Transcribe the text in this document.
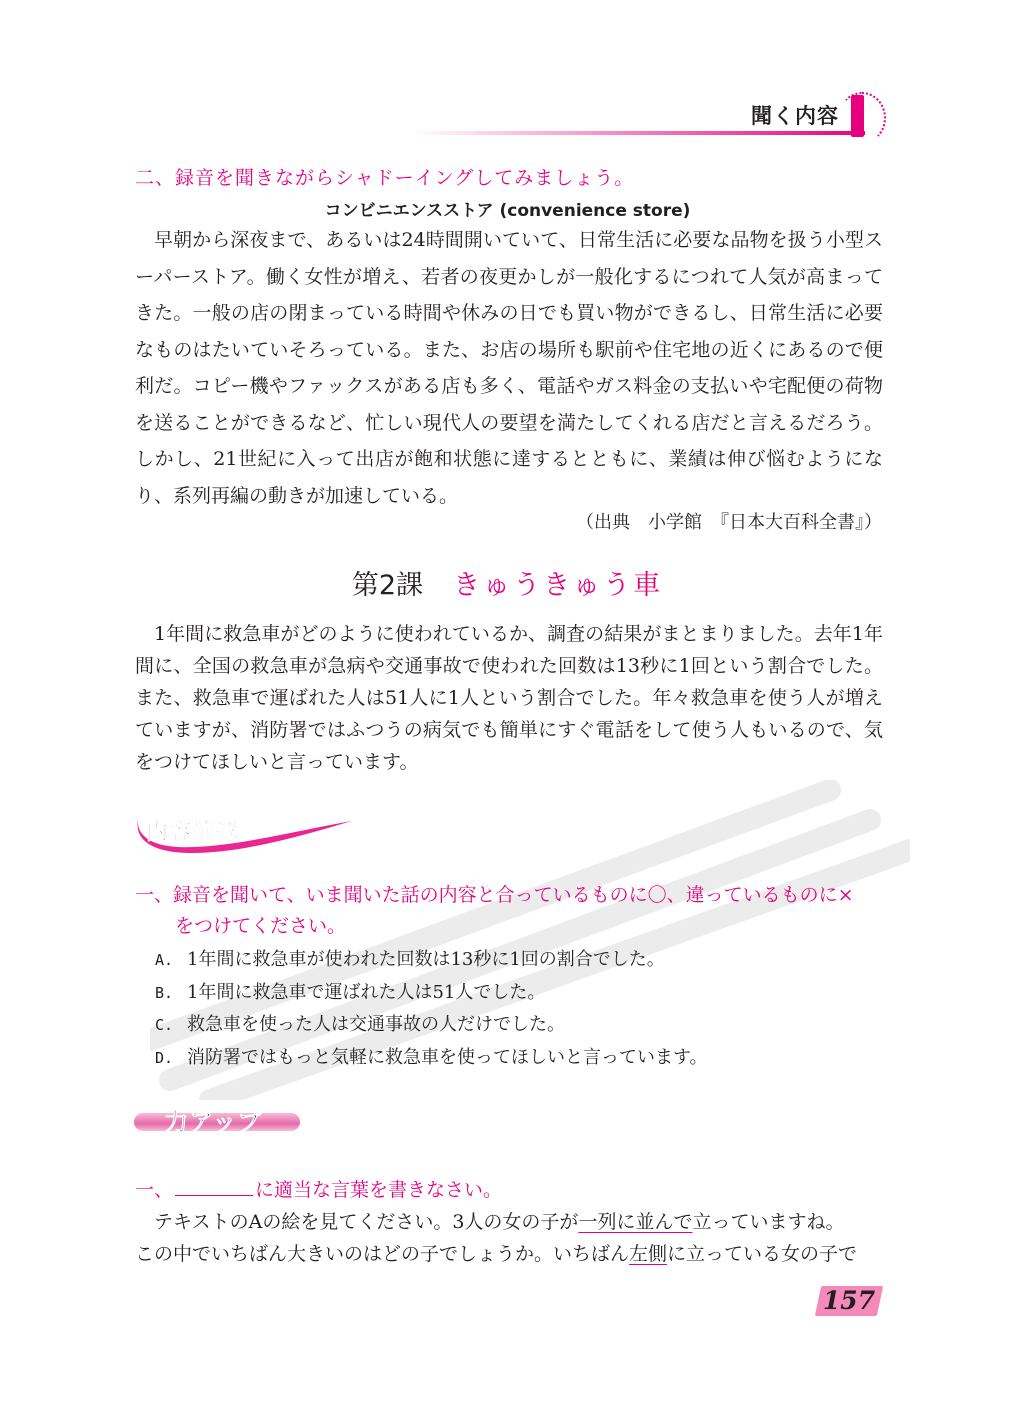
聞く内容
二、録音を聞きながらシャドーイングしてみましょう。
コンビニエンスストア (convenience store)

早朝から深夜まで、あるいは24時間開いていて、日常生活に必要な品物を扱う小型スーパーストア。働く女性が増え、若者の夜更かしが一般化するにつれて人気が高まってきた。一般の店の閉まっている時間や休みの日でも買い物ができるし、日常生活に必要なものはたいていそろっている。また、お店の場所も駅前や住宅地の近くにあるので便利だ。コピー機やファックスがある店も多く、電話やガス料金の支払いや宅配便の荷物を送ることができるなど、忙しい現代人の要望を満たしてくれる店だと言えるだろう。しかし、21世紀に入って出店が飽和状態に達するとともに、業績は伸び悩むようになり、系列再編の動きが加速している。

（出典　小学館　『日本大百科全書』）
第2課 きゅうきゅう車

1年間に救急車がどのように使われているか、調査の結果がまとまりました。去年1年間に、全国の救急車が急病や交通事故で使われた回数は13秒に1回という割合でした。また、救急車で運ばれた人は51人に1人という割合でした。年々救急車を使う人が増えていますが、消防署ではふつうの病気でも簡単にすぐ電話をして使う人もいるので、気をつけてほしいと言っています。

内容確認
一、録音を聞いて、いま聞いた話の内容と合っているものに〇、違っているものに×
をつけてください。
A. 1年間に救急車が使われた回数は13秒に1回の割合でした。
B. 1年間に救急車で運ばれた人は51人でした。
C. 救急車を使った人は交通事故の人だけでした。
D. 消防署ではもっと気軽に救急車を使ってほしいと言っています。
力アップ
一、	に適当な言葉を書きなさい。
テキストのAの絵を見てください。3人の女の子が一列に並んで立っていますね。
この中でいちばん大きいのはどの子でしょうか。いちばん左側に立っている女の子で
157
